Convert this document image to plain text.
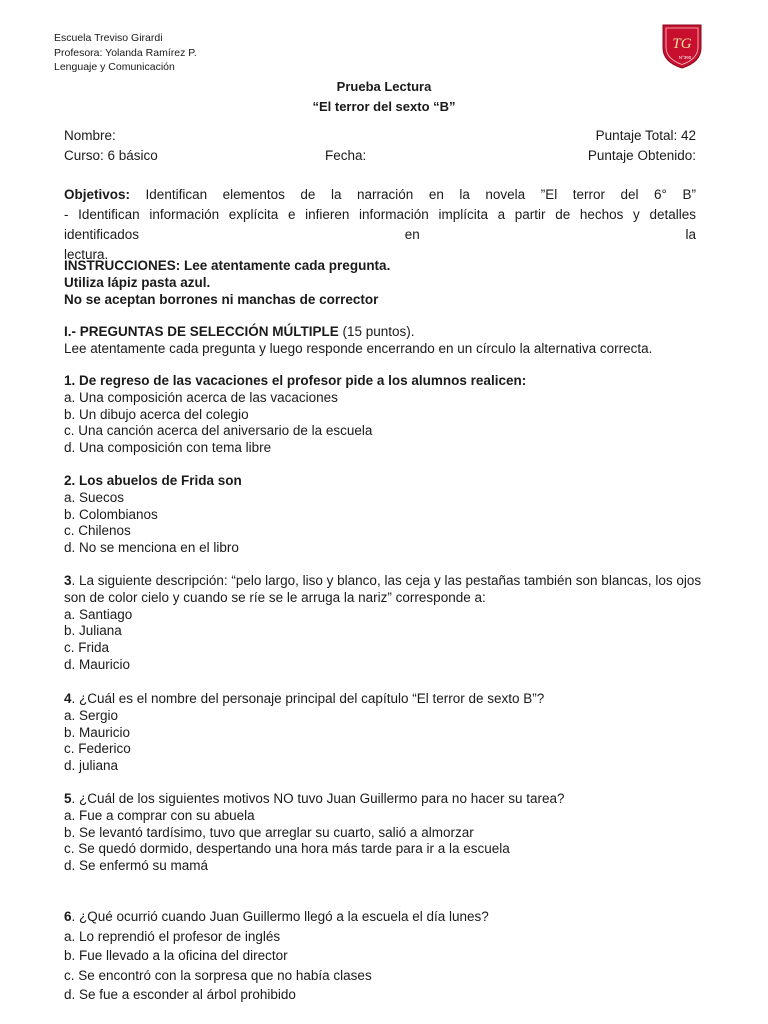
Escuela Treviso Girardi
Profesora: Yolanda Ramírez P.
Lenguaje y Comunicación
TG
N°390
Prueba Lectura
“El terror del sexto “B”
Nombre:	Puntaje Total: 42
Curso: 6 básico	Fecha:	Puntaje Obtenido:

Objetivos: Identifican elementos de la narración en la novela ”El terror del 6° B”

- Identifican información explícita e infieren información implícita a partir de hechos y detalles identificados en la

lectura.

INSTRUCCIONES: Lee atentamente cada pregunta.
Utiliza lápiz pasta azul.
No se aceptan borrones ni manchas de corrector
I.- PREGUNTAS DE SELECCIÓN MÚLTIPLE (15 puntos).
Lee atentamente cada pregunta y luego responde encerrando en un círculo la alternativa correcta.
1. De regreso de las vacaciones el profesor pide a los alumnos realicen:
a. Una composición acerca de las vacaciones
b. Un dibujo acerca del colegio
c. Una canción acerca del aniversario de la escuela
d. Una composición con tema libre
2. Los abuelos de Frida son
a. Suecos
b. Colombianos
c. Chilenos
d. No se menciona en el libro
3. La siguiente descripción: “pelo largo, liso y blanco, las ceja y las pestañas también son blancas, los ojos son de color cielo y cuando se ríe se le arruga la nariz” corresponde a:
a. Santiago
b. Juliana
c. Frida
d. Mauricio
4. ¿Cuál es el nombre del personaje principal del capítulo “El terror de sexto B”?
a. Sergio
b. Mauricio
c. Federico
d. juliana
5. ¿Cuál de los siguientes motivos NO tuvo Juan Guillermo para no hacer su tarea?
a. Fue a comprar con su abuela
b. Se levantó tardísimo, tuvo que arreglar su cuarto, salió a almorzar
c. Se quedó dormido, despertando una hora más tarde para ir a la escuela
d. Se enfermó su mamá
6. ¿Qué ocurrió cuando Juan Guillermo llegó a la escuela el día lunes?
a. Lo reprendió el profesor de inglés
b. Fue llevado a la oficina del director
c. Se encontró con la sorpresa que no había clases
d. Se fue a esconder al árbol prohibido
